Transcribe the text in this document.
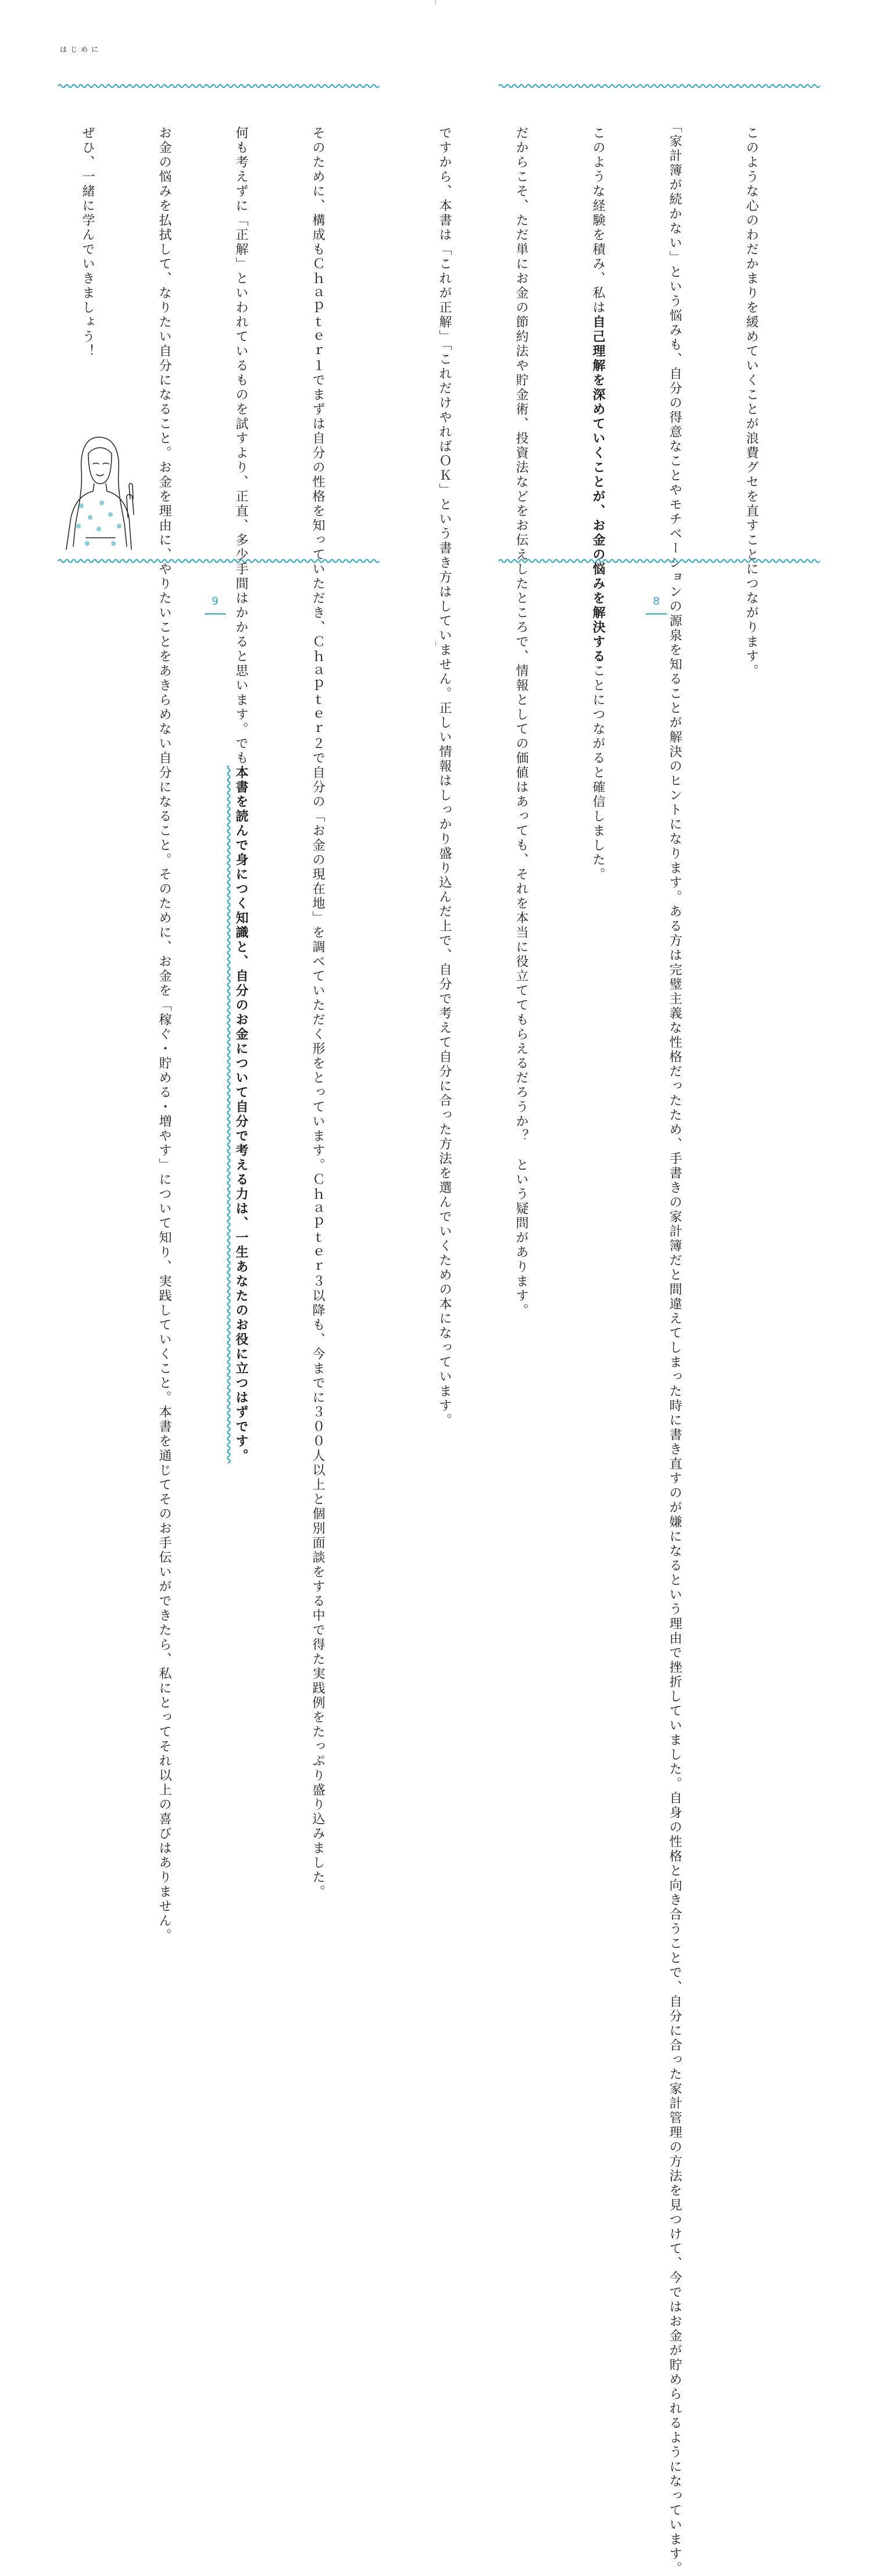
はじめに

　そのために、構成もＣｈａｐｔｅｒ１でまずは自分の性格を知っていただき、Ｃｈａｐｔｅｒ２で自分の「お金の現在地」を調べていただく形をとっています。Ｃｈａｐｔｅｒ３以降も、今までに３００人以上と個別面談をする中で得た実践例をたっぷり盛り込みました。

　何も考えずに「正解」といわれているものを試すより、正直、多少手間はかかると思います。でも本書を読んで身につく知識と、自分のお金について自分で考える力は、一生あなたのお役に立つはずです。

　お金の悩みを払拭して、なりたい自分になること。お金を理由に、やりたいことをあきらめない自分になること。そのために、お金を「稼ぐ・貯める・増やす」について知り、実践していくこと。本書を通じてそのお手伝いができたら、私にとってそれ以上の喜びはありません。

　ぜひ、一緒に学んでいきましょう！

9

	　このような心のわだかまりを緩めていくことが浪費グセを直すことにつながります。

　「家計簿が続かない」という悩みも、自分の得意なことやモチベーションの源泉を知ることが解決のヒントになります。ある方は完璧主義な性格だったため、手書きの家計簿だと間違えてしまった時に書き直すのが嫌になるという理由で挫折していました。自身の性格と向き合うことで、自分に合った家計管理の方法を見つけて、今ではお金が貯められるようになっています。

　このような経験を積み、私は自己理解を深めていくことが、お金の悩みを解決することにつながると確信しました。

　だからこそ、ただ単にお金の節約法や貯金術、投資法などをお伝えしたところで、情報としての価値はあっても、それを本当に役立ててもらえるだろうか？　という疑問があります。

　ですから、本書は「これが正解」「これだけやればＯＫ」という書き方はしていません。正しい情報はしっかり盛り込んだ上で、自分で考えて自分に合った方法を選んでいくための本になっています。

	8
